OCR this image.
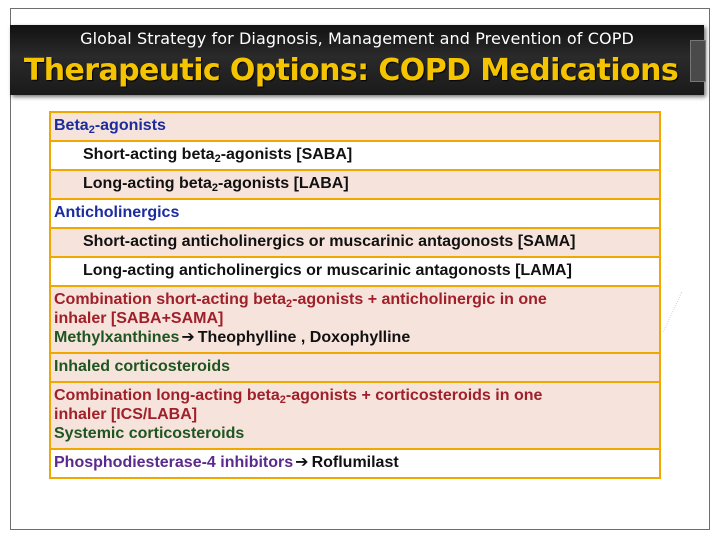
Global Strategy for Diagnosis, Management and Prevention of COPD
Therapeutic Options: COPD Medications
Beta$_2$-agonists
Short-acting beta$_2$-agonists [SABA]
Long-acting beta$_2$-agonists [LABA]
Anticholinergics
Short-acting anticholinergics or muscarinic antagonosts [SAMA]
Long-acting anticholinergics or muscarinic antagonosts [LAMA]
Combination short-acting beta$_2$-agonists + anticholinergic in one
inhaler [SABA+SAMA]
Methylxanthines ➔ Theophylline , Doxophylline
Inhaled corticosteroids
Combination long-acting beta$_2$-agonists + corticosteroids in one
inhaler [ICS/LABA]
Systemic corticosteroids
Phosphodiesterase-4 inhibitors ➔ Roflumilast
